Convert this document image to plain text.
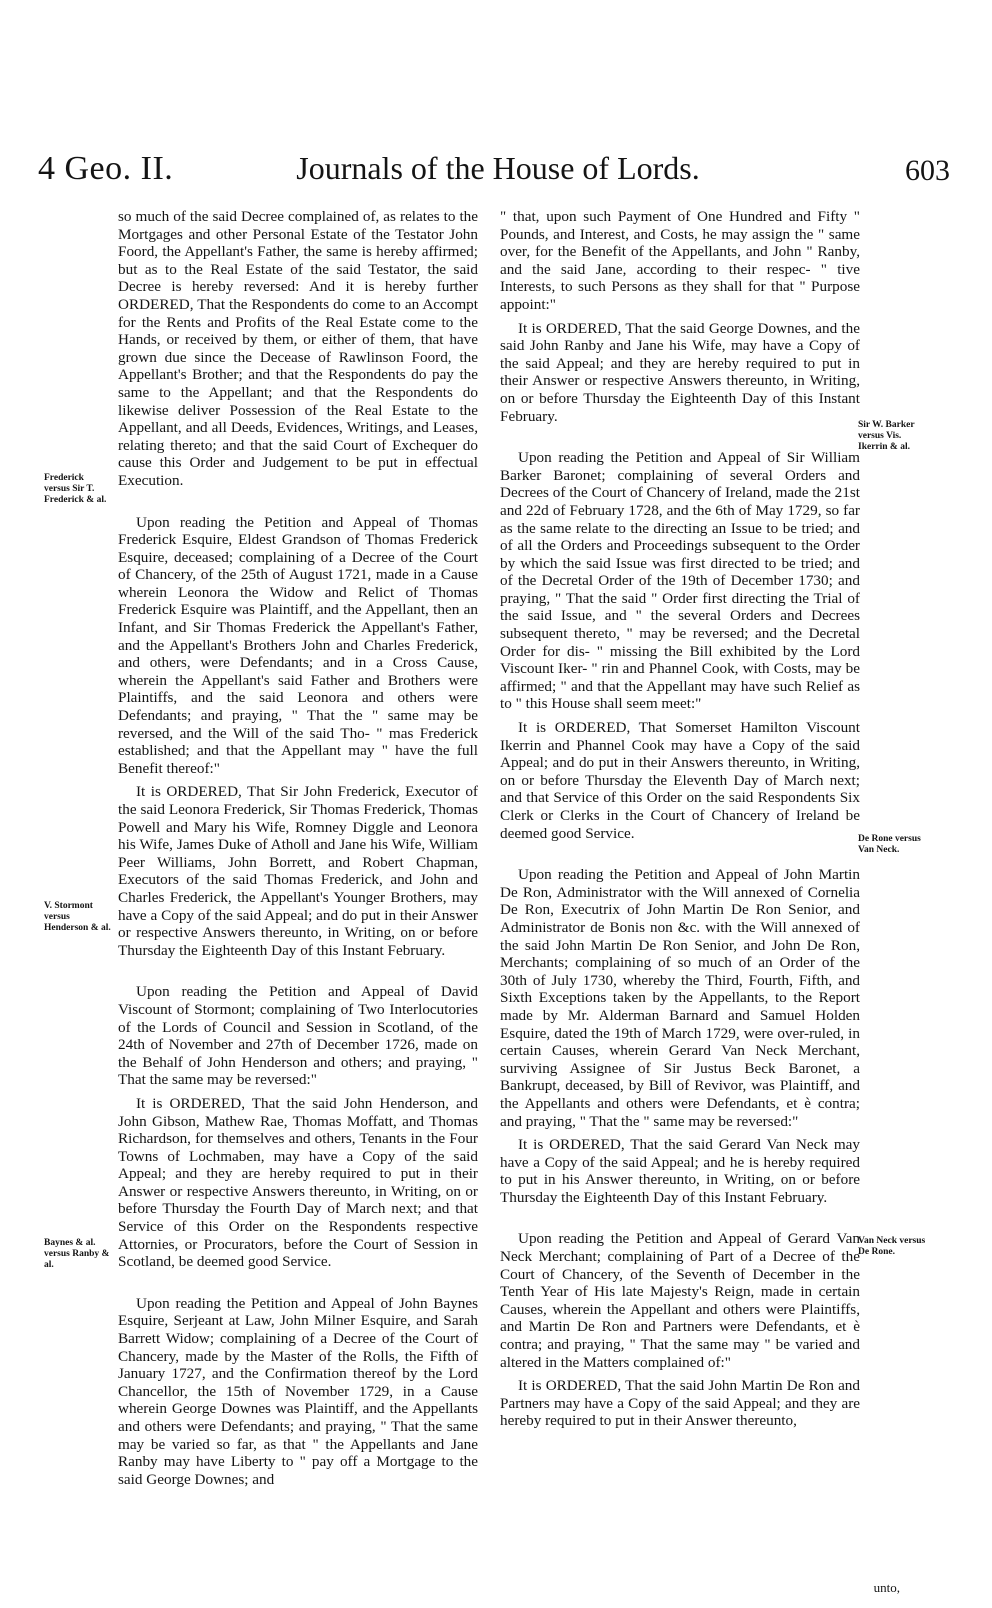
4 Geo. II.	Journals of the House of Lords.	603
Frederick versus Sir T. Frederick & al.
V. Stormont versus Henderson & al.
Baynes & al. versus Ranby & al.
Sir W. Barker versus Vis. Ikerrin & al.
De Rone versus Van Neck.
Van Neck versus De Rone.

so much of the said Decree complained of, as relates to the Mortgages and other Personal Estate of the Testator John Foord, the Appellant's Father, the same is hereby affirmed; but as to the Real Estate of the said Testator, the said Decree is hereby reversed: And it is hereby further ORDERED, That the Respondents do come to an Accompt for the Rents and Profits of the Real Estate come to the Hands, or received by them, or either of them, that have grown due since the Decease of Rawlinson Foord, the Appellant's Brother; and that the Respondents do pay the same to the Appellant; and that the Respondents do likewise deliver Possession of the Real Estate to the Appellant, and all Deeds, Evidences, Writings, and Leases, relating thereto; and that the said Court of Exchequer do cause this Order and Judgement to be put in effectual Execution.

Upon reading the Petition and Appeal of Thomas Frederick Esquire, Eldest Grandson of Thomas Frederick Esquire, deceased; complaining of a Decree of the Court of Chancery, of the 25th of August 1721, made in a Cause wherein Leonora the Widow and Relict of Thomas Frederick Esquire was Plaintiff, and the Appellant, then an Infant, and Sir Thomas Frederick the Appellant's Father, and the Appellant's Brothers John and Charles Frederick, and others, were Defendants; and in a Cross Cause, wherein the Appellant's said Father and Brothers were Plaintiffs, and the said Leonora and others were Defendants; and praying, " That the " same may be reversed, and the Will of the said Tho- " mas Frederick established; and that the Appellant may " have the full Benefit thereof:"

It is ORDERED, That Sir John Frederick, Executor of the said Leonora Frederick, Sir Thomas Frederick, Thomas Powell and Mary his Wife, Romney Diggle and Leonora his Wife, James Duke of Atholl and Jane his Wife, William Peer Williams, John Borrett, and Robert Chapman, Executors of the said Thomas Frederick, and John and Charles Frederick, the Appellant's Younger Brothers, may have a Copy of the said Appeal; and do put in their Answer or respective Answers thereunto, in Writing, on or before Thursday the Eighteenth Day of this Instant February.

Upon reading the Petition and Appeal of David Viscount of Stormont; complaining of Two Interlocutories of the Lords of Council and Session in Scotland, of the 24th of November and 27th of December 1726, made on the Behalf of John Henderson and others; and praying, " That the same may be reversed:"

It is ORDERED, That the said John Henderson, and John Gibson, Mathew Rae, Thomas Moffatt, and Thomas Richardson, for themselves and others, Tenants in the Four Towns of Lochmaben, may have a Copy of the said Appeal; and they are hereby required to put in their Answer or respective Answers thereunto, in Writing, on or before Thursday the Fourth Day of March next; and that Service of this Order on the Respondents respective Attornies, or Procurators, before the Court of Session in Scotland, be deemed good Service.

Upon reading the Petition and Appeal of John Baynes Esquire, Serjeant at Law, John Milner Esquire, and Sarah Barrett Widow; complaining of a Decree of the Court of Chancery, made by the Master of the Rolls, the Fifth of January 1727, and the Confirmation thereof by the Lord Chancellor, the 15th of November 1729, in a Cause wherein George Downes was Plaintiff, and the Appellants and others were Defendants; and praying, " That the same may be varied so far, as that " the Appellants and Jane Ranby may have Liberty to " pay off a Mortgage to the said George Downes; and

" that, upon such Payment of One Hundred and Fifty " Pounds, and Interest, and Costs, he may assign the " same over, for the Benefit of the Appellants, and John " Ranby, and the said Jane, according to their respec- " tive Interests, to such Persons as they shall for that " Purpose appoint:"

It is ORDERED, That the said George Downes, and the said John Ranby and Jane his Wife, may have a Copy of the said Appeal; and they are hereby required to put in their Answer or respective Answers thereunto, in Writing, on or before Thursday the Eighteenth Day of this Instant February.

Upon reading the Petition and Appeal of Sir William Barker Baronet; complaining of several Orders and Decrees of the Court of Chancery of Ireland, made the 21st and 22d of February 1728, and the 6th of May 1729, so far as the same relate to the directing an Issue to be tried; and of all the Orders and Proceedings subsequent to the Order by which the said Issue was first directed to be tried; and of the Decretal Order of the 19th of December 1730; and praying, " That the said " Order first directing the Trial of the said Issue, and " the several Orders and Decrees subsequent thereto, " may be reversed; and the Decretal Order for dis- " missing the Bill exhibited by the Lord Viscount Iker- " rin and Phannel Cook, with Costs, may be affirmed; " and that the Appellant may have such Relief as to " this House shall seem meet:"

It is ORDERED, That Somerset Hamilton Viscount Ikerrin and Phannel Cook may have a Copy of the said Appeal; and do put in their Answers thereunto, in Writing, on or before Thursday the Eleventh Day of March next; and that Service of this Order on the said Respondents Six Clerk or Clerks in the Court of Chancery of Ireland be deemed good Service.

Upon reading the Petition and Appeal of John Martin De Ron, Administrator with the Will annexed of Cornelia De Ron, Executrix of John Martin De Ron Senior, and Administrator de Bonis non &c. with the Will annexed of the said John Martin De Ron Senior, and John De Ron, Merchants; complaining of so much of an Order of the 30th of July 1730, whereby the Third, Fourth, Fifth, and Sixth Exceptions taken by the Appellants, to the Report made by Mr. Alderman Barnard and Samuel Holden Esquire, dated the 19th of March 1729, were over-ruled, in certain Causes, wherein Gerard Van Neck Merchant, surviving Assignee of Sir Justus Beck Baronet, a Bankrupt, deceased, by Bill of Revivor, was Plaintiff, and the Appellants and others were Defendants, et è contra; and praying, " That the " same may be reversed:"

It is ORDERED, That the said Gerard Van Neck may have a Copy of the said Appeal; and he is hereby required to put in his Answer thereunto, in Writing, on or before Thursday the Eighteenth Day of this Instant February.

Upon reading the Petition and Appeal of Gerard Van Neck Merchant; complaining of Part of a Decree of the Court of Chancery, of the Seventh of December in the Tenth Year of His late Majesty's Reign, made in certain Causes, wherein the Appellant and others were Plaintiffs, and Martin De Ron and Partners were Defendants, et è contra; and praying, " That the same may " be varied and altered in the Matters complained of:"

It is ORDERED, That the said John Martin De Ron and Partners may have a Copy of the said Appeal; and they are hereby required to put in their Answer thereunto,

unto,
